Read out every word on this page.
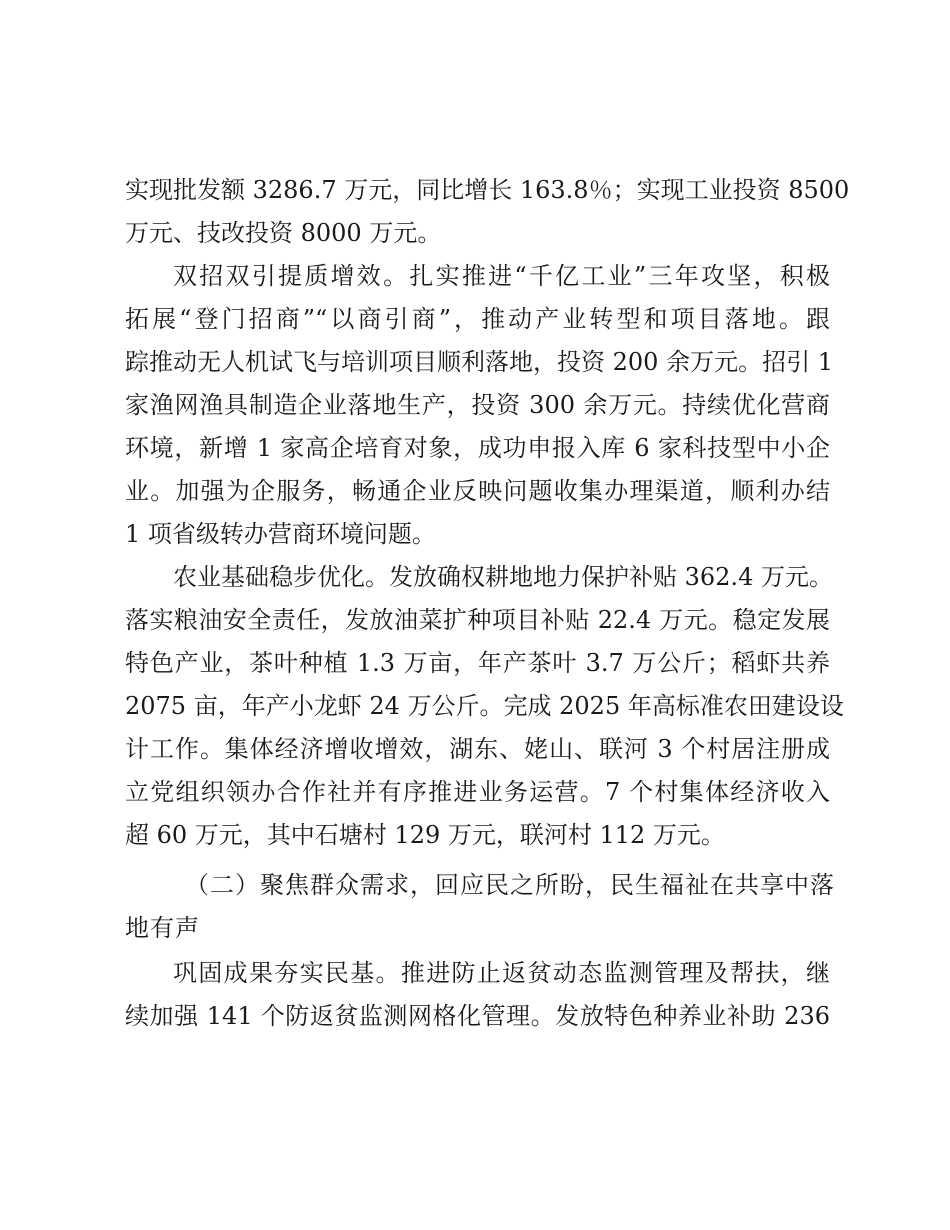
实现批发额 3286.7 万元，同比增长 163.8％；实现工业投资 8500
万元、技改投资 8000 万元。
双招双引提质增效。扎实推进“千亿工业”三年攻坚，积极
拓展“登门招商”“以商引商”，推动产业转型和项目落地。跟
踪推动无人机试飞与培训项目顺利落地，投资 200 余万元。招引 1
家渔网渔具制造企业落地生产，投资 300 余万元。持续优化营商
环境，新增 1 家高企培育对象，成功申报入库 6 家科技型中小企
业。加强为企服务，畅通企业反映问题收集办理渠道，顺利办结
1 项省级转办营商环境问题。
农业基础稳步优化。发放确权耕地地力保护补贴 362.4 万元。
落实粮油安全责任，发放油菜扩种项目补贴 22.4 万元。稳定发展
特色产业，茶叶种植 1.3 万亩，年产茶叶 3.7 万公斤；稻虾共养
2075 亩，年产小龙虾 24 万公斤。完成 2025 年高标准农田建设设
计工作。集体经济增收增效，湖东、姥山、联河 3 个村居注册成
立党组织领办合作社并有序推进业务运营。7 个村集体经济收入
超 60 万元，其中石塘村 129 万元，联河村 112 万元。
（二）聚焦群众需求，回应民之所盼，民生福祉在共享中落
地有声
巩固成果夯实民基。推进防止返贫动态监测管理及帮扶，继
续加强 141 个防返贫监测网格化管理。发放特色种养业补助 236
